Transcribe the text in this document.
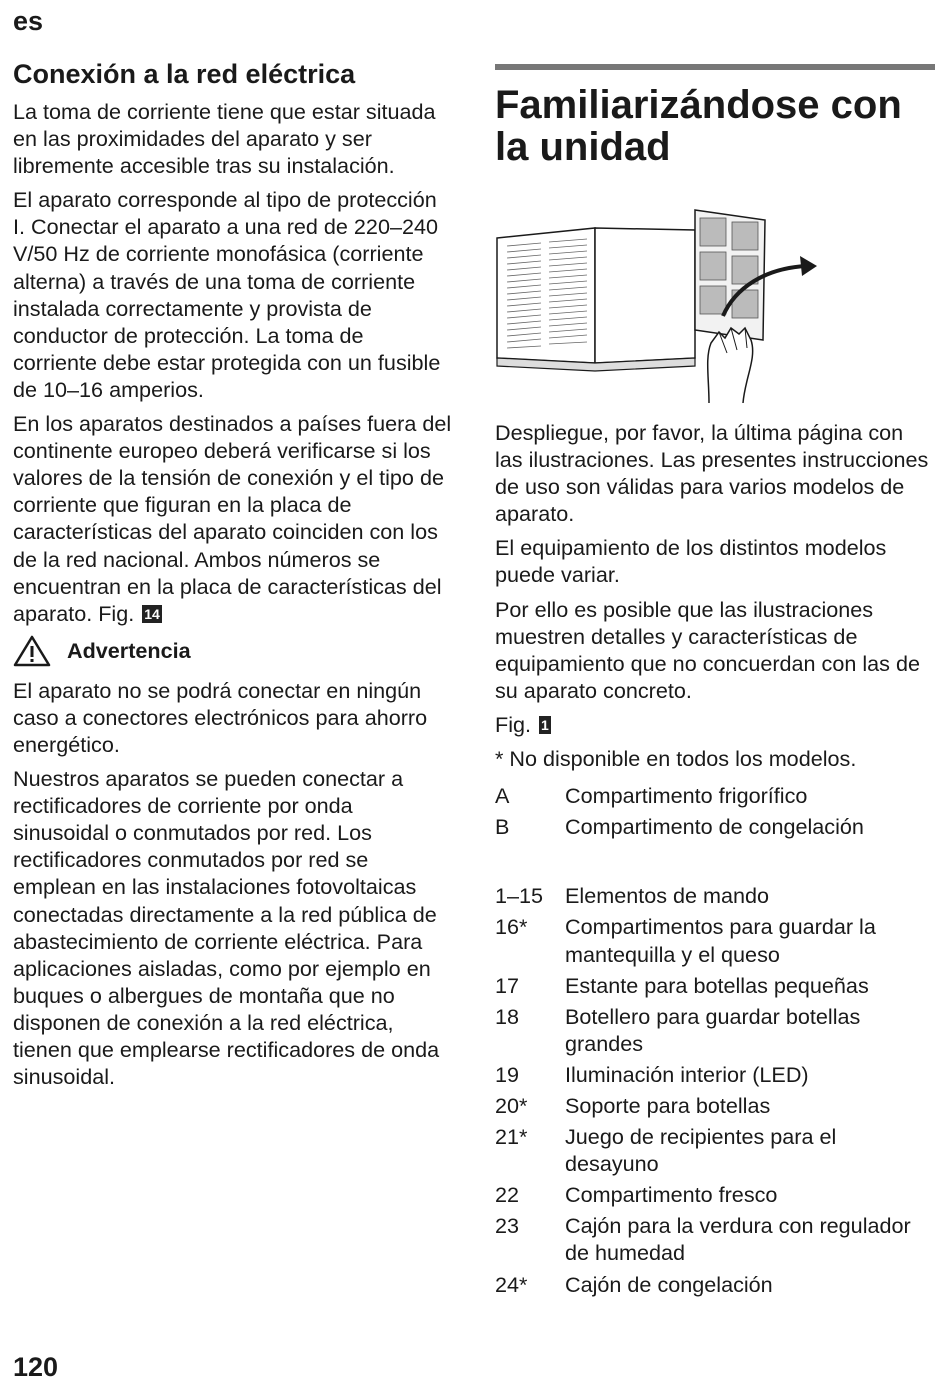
es
Conexión a la red eléctrica

La toma de corriente tiene que estar situada en las proximidades del aparato y ser libremente accesible tras su instalación.

El aparato corresponde al tipo de protección I. Conectar el aparato a una red de 220–240 V/50 Hz de corriente monofásica (corriente alterna) a través de una toma de corriente instalada correctamente y provista de conductor de protección. La toma de corriente debe estar protegida con un fusible de 10–16 amperios.

En los aparatos destinados a países fuera del continente europeo deberá verificarse si los valores de la tensión de conexión y el tipo de corriente que figuran en la placa de características del aparato coinciden con los de la red nacional. Ambos números se encuentran en la placa de características del aparato. Fig. 14

Advertencia

El aparato no se podrá conectar en ningún caso a conectores electrónicos para ahorro energético.

Nuestros aparatos se pueden conectar a rectificadores de corriente por onda sinusoidal o conmutados por red. Los rectificadores conmutados por red se emplean en las instalaciones fotovoltaicas conectadas directamente a la red pública de abastecimiento de corriente eléctrica. Para aplicaciones aisladas, como por ejemplo en buques o albergues de montaña que no disponen de conexión a la red eléctrica, tienen que emplearse rectificadores de onda sinusoidal.

Familiarizándose con la unidad

Despliegue, por favor, la última página con las ilustraciones. Las presentes instrucciones de uso son válidas para varios modelos de aparato.

El equipamiento de los distintos modelos puede variar.

Por ello es posible que las ilustraciones muestren detalles y características de equipamiento que no concuerdan con las de su aparato concreto.

Fig. 1

* No disponible en todos los modelos.

A	Compartimento frigorífico
B	Compartimento de congelación
1–15	Elementos de mando
16*	Compartimentos para guardar la mantequilla y el queso
17	Estante para botellas pequeñas
18	Botellero para guardar botellas grandes
19	Iluminación interior (LED)
20*	Soporte para botellas
21*	Juego de recipientes para el desayuno
22	Compartimento fresco
23	Cajón para la verdura con regulador de humedad
24*	Cajón de congelación
120
